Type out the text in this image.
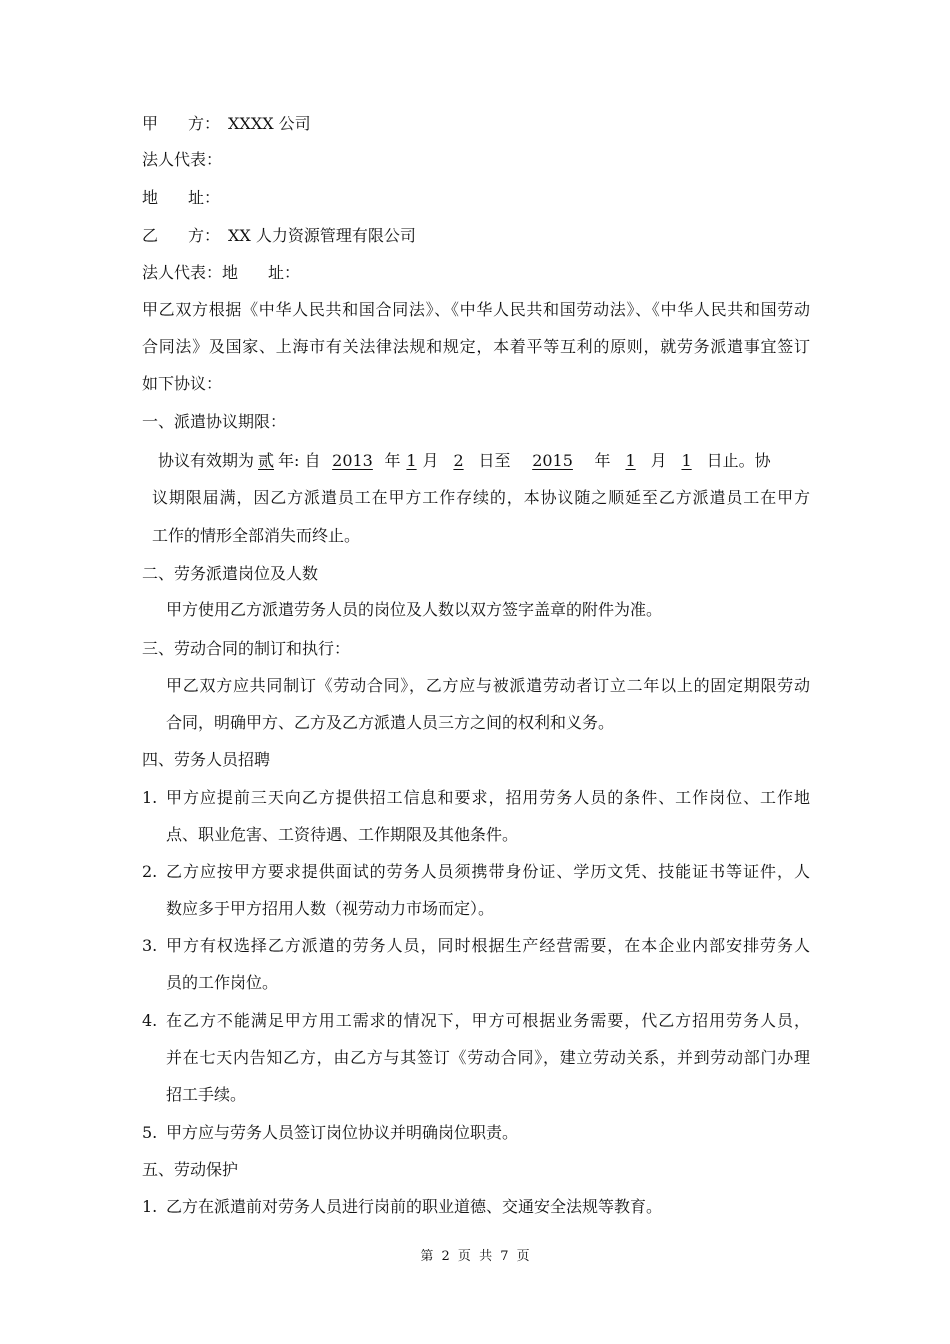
甲 方： XXXX 公司
法人代表：
地 址：
乙 方： XX 人力资源管理有限公司
法人代表：地 址：
甲乙双方根据《中华人民共和国合同法》、《中华人民共和国劳动法》、《中华人民共和国劳动
合同法》及国家、上海市有关法律法规和规定，本着平等互利的原则，就劳务派遣事宜签订
如下协议：
一、派遣协议期限：
协议有效期为 贰 年: 自 2013 年 1 月 2 日至 2015 年 1 月 1 日止。协
议期限届满，因乙方派遣员工在甲方工作存续的，本协议随之顺延至乙方派遣员工在甲方
工作的情形全部消失而终止。
二、劳务派遣岗位及人数
甲方使用乙方派遣劳务人员的岗位及人数以双方签字盖章的附件为准。
三、劳动合同的制订和执行：
甲乙双方应共同制订《劳动合同》，乙方应与被派遣劳动者订立二年以上的固定期限劳动
合同，明确甲方、乙方及乙方派遣人员三方之间的权利和义务。
四、劳务人员招聘
1. 甲方应提前三天向乙方提供招工信息和要求，招用劳务人员的条件、工作岗位、工作地
点、职业危害、工资待遇、工作期限及其他条件。
2. 乙方应按甲方要求提供面试的劳务人员须携带身份证、学历文凭、技能证书等证件，人
数应多于甲方招用人数（视劳动力市场而定）。
3. 甲方有权选择乙方派遣的劳务人员，同时根据生产经营需要，在本企业内部安排劳务人
员的工作岗位。
4. 在乙方不能满足甲方用工需求的情况下，甲方可根据业务需要，代乙方招用劳务人员，
并在七天内告知乙方，由乙方与其签订《劳动合同》，建立劳动关系，并到劳动部门办理
招工手续。
5. 甲方应与劳务人员签订岗位协议并明确岗位职责。
五、劳动保护
1. 乙方在派遣前对劳务人员进行岗前的职业道德、交通安全法规等教育。
第 2 页 共 7 页
